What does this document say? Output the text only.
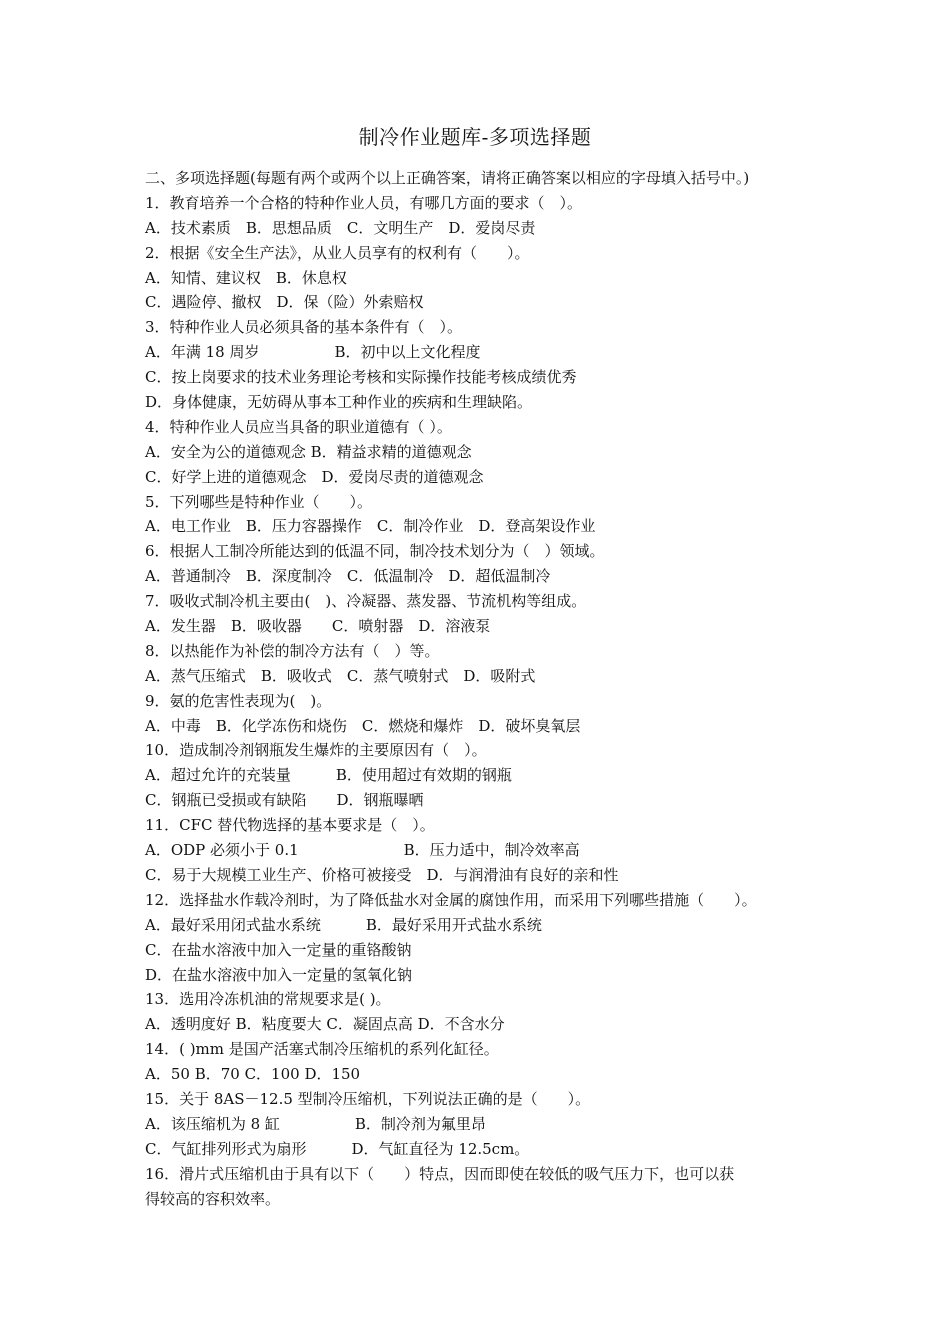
制冷作业题库-多项选择题
二、多项选择题(每题有两个或两个以上正确答案，请将正确答案以相应的字母填入括号中。)
1．教育培养一个合格的特种作业人员，有哪几方面的要求（　）。
A．技术素质　B．思想品质　C．文明生产　D．爱岗尽责
2．根据《安全生产法》，从业人员享有的权利有（　　）。
A．知情、建议权　B．休息权
C．遇险停、撤权　D．保（险）外索赔权
3．特种作业人员必须具备的基本条件有（　）。
A．年满 18 周岁　　　　　B．初中以上文化程度
C．按上岗要求的技术业务理论考核和实际操作技能考核成绩优秀
D．身体健康，无妨碍从事本工种作业的疾病和生理缺陷。
4．特种作业人员应当具备的职业道德有（ ）。
A．安全为公的道德观念 B．精益求精的道德观念
C．好学上进的道德观念　D．爱岗尽责的道德观念
5．下列哪些是特种作业（　　）。
A．电工作业　B．压力容器操作　C．制冷作业　D．登高架设作业
6．根据人工制冷所能达到的低温不同，制冷技术划分为（　）领域。
A．普通制冷　B．深度制冷　C．低温制冷　D．超低温制冷
7．吸收式制冷机主要由(　)、冷凝器、蒸发器、节流机构等组成。
A．发生器　B．吸收器　　C．喷射器　D．溶液泵
8．以热能作为补偿的制冷方法有（　）等。
A．蒸气压缩式　B．吸收式　C．蒸气喷射式　D．吸附式
9．氨的危害性表现为(　)。
A．中毒　B．化学冻伤和烧伤　C．燃烧和爆炸　D．破坏臭氧层
10．造成制冷剂钢瓶发生爆炸的主要原因有（　）。
A．超过允许的充装量　　　B．使用超过有效期的钢瓶
C．钢瓶已受损或有缺陷　　D．钢瓶曝晒
11．CFC 替代物选择的基本要求是（　）。
A．ODP 必须小于 0.1　　　　　　　B．压力适中，制冷效率高
C．易于大规模工业生产、价格可被接受　D．与润滑油有良好的亲和性
12．选择盐水作载冷剂时，为了降低盐水对金属的腐蚀作用，而采用下列哪些措施（　　）。
A．最好采用闭式盐水系统　　　B．最好采用开式盐水系统
C．在盐水溶液中加入一定量的重铬酸钠
D．在盐水溶液中加入一定量的氢氧化钠
13．选用冷冻机油的常规要求是( )。
A．透明度好 B．粘度要大 C．凝固点高 D．不含水分
14．( )mm 是国产活塞式制冷压缩机的系列化缸径。
A．50 B．70 C．100 D．150
15．关于 8AS－12.5 型制冷压缩机，下列说法正确的是（　　）。
A．该压缩机为 8 缸　　　　　B．制冷剂为氟里昂
C．气缸排列形式为扇形　　　D．气缸直径为 12.5cm。
16．滑片式压缩机由于具有以下（　　）特点，因而即使在较低的吸气压力下，也可以获
得较高的容积效率。
